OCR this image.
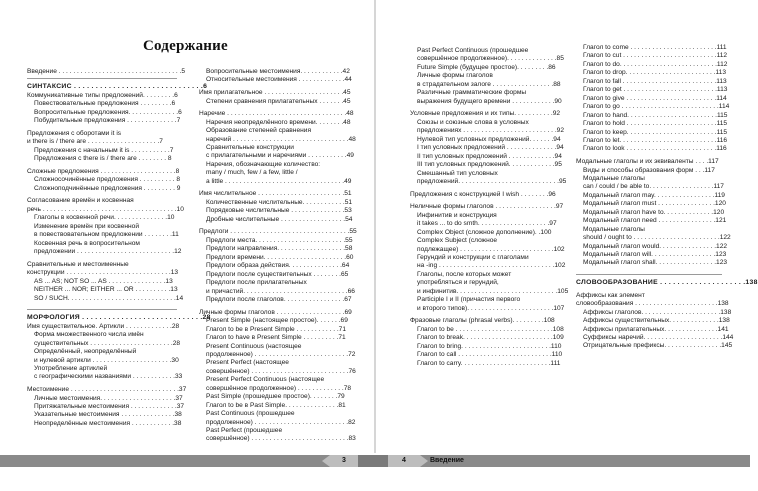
Содержание
Введение . . . . . . . . . . . . . . . . . . . . . . . . . . . . . . . . . .5
СИНТАКСИС . . . . . . . . . . . . . . . . . . . . . . . . . . . . . .6
Коммуникативные типы предложений. . . . . . . . .6
Повествовательные предложения . . . . . . . . .6
Вопросительные предложения. . . . . . . . . . . . . .6
Побудительные предложения . . . . . . . . . . . . . .7
Предложения с оборотами it is
и there is / there are . . . . . . . . . . . . . . . . . . . .7
Предложения с начальным it is . . . . . . . . . . .7
Предложения с there is / there are . . . . . . . . 8
Сложные предложения . . . . . . . . . . . . . . . . . . . . .8
Сложносочинённые предложения . . . . . . . . . . 8
Сложноподчинённые предложения . . . . . . . . . 9
Согласование времён и косвенная
речь . . . . . . . . . . . . . . . . . . . . . . . . . . . . . . . . . . . . .10
Глаголы в косвенной речи. . . . . . . . . . . . . . .10
Изменение времён при косвенной
в повествовательном предложении . . . . . . . .11
Косвенная речь в вопросительном
предложении . . . . . . . . . . . . . . . . . . . . . . . . . . .12
Сравнительные и местоименные
конструкции . . . . . . . . . . . . . . . . . . . . . . . . . . . . .13
AS ... AS; NOT SO ... AS . . . . . . . . . . . . . . . .13
NEITHER ... NOR; EITHER ... OR . . . . . . . . . .13
SO / SUCH. . . . . . . . . . . . . . . . . . . . . . . . . . . . . .14
МОРФОЛОГИЯ . . . . . . . . . . . . . . . . . . . . . . . . . . . .28
Имя существительное. Артикли . . . . . . . . . . . . .28
Форма множественного числа имён
существительных . . . . . . . . . . . . . . . . . . . . . . .28
Определённый, неопределённый
и нулевой артикли . . . . . . . . . . . . . . . . . . . . . .30
Употребление артиклей
с географическими названиями . . . . . . . . . . . .33
Местоимение . . . . . . . . . . . . . . . . . . . . . . . . . . . . . .37
Личные местоимения. . . . . . . . . . . . . . . . . . . . .37
Притяжательные местоимения . . . . . . . . . . . . .37
Указательные местоимения . . . . . . . . . . . . . . .38
Неопределённые местоимения . . . . . . . . . . . .38
Вопросительные местоимения. . . . . . . . . . . .42
Относительные местоимения . . . . . . . . . . . . .44
Имя прилагательное . . . . . . . . . . . . . . . . . . . . . .45
Степени сравнения прилагательных . . . . . . .45
Наречие . . . . . . . . . . . . . . . . . . . . . . . . . . . . . . . . .48
Наречия неопределённого времени. . . . . . . .48
Образование степеней сравнения
наречий . . . . . . . . . . . . . . . . . . . . . . . . . . . . . . . .48
Сравнительные конструкции
с прилагательными и наречиями . . . . . . . . . . .49
Наречия, обозначающие количество:
many / much, few / a few, little /
a little . . . . . . . . . . . . . . . . . . . . . . . . . . . . . . . . .49
Имя числительное . . . . . . . . . . . . . . . . . . . . . . . .51
Количественные числительные. . . . . . . . . . . .51
Порядковые числительные . . . . . . . . . . . . . . .53
Дробные числительные . . . . . . . . . . . . . . . . . .54
Предлоги . . . . . . . . . . . . . . . . . . . . . . . . . . . . . . . . .55
Предлоги места. . . . . . . . . . . . . . . . . . . . . . . . .55
Предлоги направления. . . . . . . . . . . . . . . . . . .58
Предлоги времени. . . . . . . . . . . . . . . . . . . . . . .60
Предлоги образа действия. . . . . . . . . . . . . . .64
Предлоги после существительных . . . . . . . .65
Предлоги после прилагательных
и причастий. . . . . . . . . . . . . . . . . . . . . . . . . . . . .66
Предлоги после глаголов. . . . . . . . . . . . . . . . .67
Личные формы глаголов . . . . . . . . . . . . . . . . . . .69
Present Simple (настоящее простое). . . . . . .69
Глагол to be в Present Simple . . . . . . . . . . . .71
Глагол to have в Present Simple . . . . . . . . . .71
Present Continuous (настоящее
продолженное) . . . . . . . . . . . . . . . . . . . . . . . . . .72
Present Perfect (настоящее
совершённое) . . . . . . . . . . . . . . . . . . . . . . . . . . .76
Present Perfect Continuous (настоящее
совершённое продолженное) . . . . . . . . . . . . .78
Past Simple (прошедшее простое). . . . . . . .79
Глагол to be в Past Simple. . . . . . . . . . . . . . .81
Past Continuous (прошедшее
продолженное) . . . . . . . . . . . . . . . . . . . . . . . . . .82
Past Perfect (прошедшее
совершённое) . . . . . . . . . . . . . . . . . . . . . . . . . . .83
Past Perfect Continuous (прошедшее
совершённое продолженное). . . . . . . . . . . . . .85
Future Simple (будущее простое). . . . . . . . .86
Личные формы глаголов
в страдательном залоге . . . . . . . . . . . . . . . . .88
Различные грамматические формы
выражения будущего времени . . . . . . . . . . . .90
Условные предложения и их типы. . . . . . . . . . .92
Союзы и союзные слова в условных
предложениях . . . . . . . . . . . . . . . . . . . . . . . . . .92
Нулевой тип условных предложений. . . . . . .94
I тип условных предложений . . . . . . . . . . . . . .94
II тип условных предложений . . . . . . . . . . . . .94
III тип условных предложений. . . . . . . . . . . . .95
Смешанный тип условных
предложений. . . . . . . . . . . . . . . . . . . . . . . . . . . .95
Предложения с конструкцией I wish . . . . . . . .96
Неличные формы глаголов . . . . . . . . . . . . . . . . .97
Инфинитив и конструкция
it takes ... to do smth. . . . . . . . . . . . . . . . . . . .97
Complex Object (сложное дополнение). .100
Complex Subject (сложное
подлежащее) . . . . . . . . . . . . . . . . . . . . . . . . . .102
Герундий и конструкции с глаголами
на -ing . . . . . . . . . . . . . . . . . . . . . . . . . . . . . . . .102
Глаголы, после которых может
употребляться и герундий,
и инфинитив. . . . . . . . . . . . . . . . . . . . . . . . . . . .105
Participle I и II (причастия первого
и второго типов). . . . . . . . . . . . . . . . . . . . . . . .107
Фразовые глаголы (phrasal verbs). . . . . . . . .108
Глагол to be . . . . . . . . . . . . . . . . . . . . . . . . . . .108
Глагол to break. . . . . . . . . . . . . . . . . . . . . . . . .109
Глагол to bring. . . . . . . . . . . . . . . . . . . . . . . . .110
Глагол to call . . . . . . . . . . . . . . . . . . . . . . . . . .110
Глагол to carry. . . . . . . . . . . . . . . . . . . . . . . . .111
Глагол to come . . . . . . . . . . . . . . . . . . . . . . . .111
Глагол to cut . . . . . . . . . . . . . . . . . . . . . . . . . .112
Глагол to do. . . . . . . . . . . . . . . . . . . . . . . . . . .112
Глагол to drop. . . . . . . . . . . . . . . . . . . . . . . . .113
Глагол to fall . . . . . . . . . . . . . . . . . . . . . . . . . .113
Глагол to get . . . . . . . . . . . . . . . . . . . . . . . . . .113
Глагол to give . . . . . . . . . . . . . . . . . . . . . . . . .114
Глагол to go . . . . . . . . . . . . . . . . . . . . . . . . . . .114
Глагол to hand. . . . . . . . . . . . . . . . . . . . . . . . .115
Глагол to hold . . . . . . . . . . . . . . . . . . . . . . . . .115
Глагол to keep. . . . . . . . . . . . . . . . . . . . . . . . .115
Глагол to let. . . . . . . . . . . . . . . . . . . . . . . . . . .116
Глагол to look . . . . . . . . . . . . . . . . . . . . . . . . .116
Модальные глаголы и их эквиваленты . . . .117
Виды и способы образования форм . . .117
Модальные глаголы
can / could / be able to. . . . . . . . . . . . . . . . . .117
Модальный глагол may. . . . . . . . . . . . . . . . .119
Модальный глагол must . . . . . . . . . . . . . . . .120
Модальный глагол have to. . . . . . . . . . . . . .120
Модальный глагол need . . . . . . . . . . . . . . . .121
Модальные глаголы
should / ought to . . . . . . . . . . . . . . . . . . . . . . . .122
Модальный глагол would. . . . . . . . . . . . . . . .122
Модальный глагол will. . . . . . . . . . . . . . . . . .123
Модальный глагол shall. . . . . . . . . . . . . . . . .123
СЛОВООБРАЗОВАНИЕ . . . . . . . . . . . . . . . . . . . .138
Аффиксы как элемент
словообразования . . . . . . . . . . . . . . . . . . . . . . .138
Аффиксы глаголов. . . . . . . . . . . . . . . . . . . . . .138
Аффиксы существительных. . . . . . . . . . . . . .138
Аффиксы прилагательных. . . . . . . . . . . . . . .141
Суффиксы наречий. . . . . . . . . . . . . . . . . . . . . .144
Отрицательные префиксы. . . . . . . . . . . . . . . .145
3	4	Введение
